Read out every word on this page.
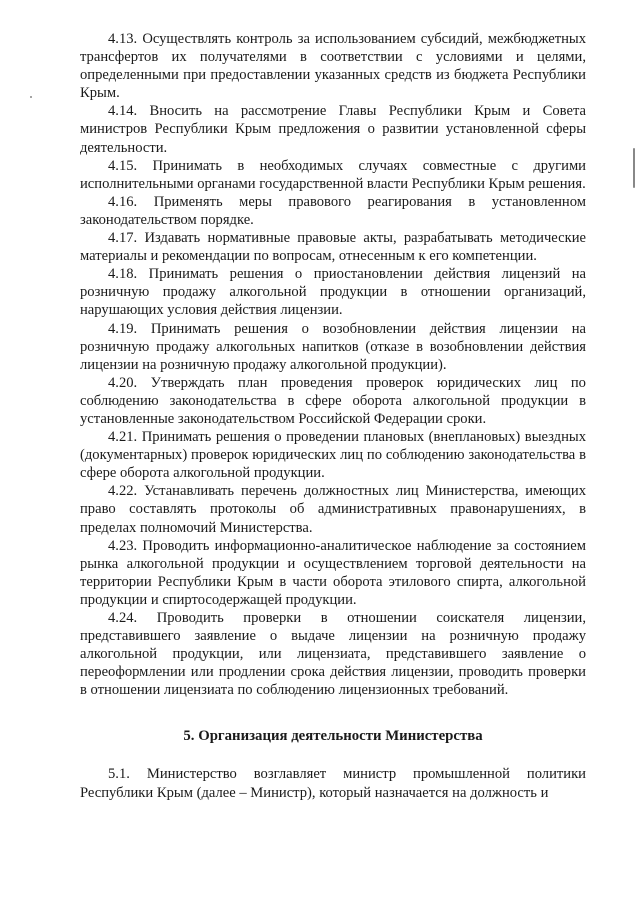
4.13. Осуществлять контроль за использованием субсидий, межбюджетных трансфертов их получателями в соответствии с условиями и целями, определенными при предоставлении указанных средств из бюджета Республики Крым.

4.14. Вносить на рассмотрение Главы Республики Крым и Совета министров Республики Крым предложения о развитии установленной сферы деятельности.

4.15. Принимать в необходимых случаях совместные с другими исполнительными органами государственной власти Республики Крым решения.

4.16. Применять меры правового реагирования в установленном законодательством порядке.

4.17. Издавать нормативные правовые акты, разрабатывать методические материалы и рекомендации по вопросам, отнесенным к его компетенции.

4.18. Принимать решения о приостановлении действия лицензий на розничную продажу алкогольной продукции в отношении организаций, нарушающих условия действия лицензии.

4.19. Принимать решения о возобновлении действия лицензии на розничную продажу алкогольных напитков (отказе в возобновлении действия лицензии на розничную продажу алкогольной продукции).

4.20. Утверждать план проведения проверок юридических лиц по соблюдению законодательства в сфере оборота алкогольной продукции в установленные законодательством Российской Федерации сроки.

4.21. Принимать решения о проведении плановых (внеплановых) выездных (документарных) проверок юридических лиц по соблюдению законодательства в сфере оборота алкогольной продукции.

4.22. Устанавливать перечень должностных лиц Министерства, имеющих право составлять протоколы об административных правонарушениях, в пределах полномочий Министерства.

4.23. Проводить информационно-аналитическое наблюдение за состоянием рынка алкогольной продукции и осуществлением торговой деятельности на территории Республики Крым в части оборота этилового спирта, алкогольной продукции и спиртосодержащей продукции.

4.24. Проводить проверки в отношении соискателя лицензии, представившего заявление о выдаче лицензии на розничную продажу алкогольной продукции, или лицензиата, представившего заявление о переоформлении или продлении срока действия лицензии, проводить проверки в отношении лицензиата по соблюдению лицензионных требований.

5. Организация деятельности Министерства

5.1. Министерство возглавляет министр промышленной политики Республики Крым (далее – Министр), который назначается на должность и
